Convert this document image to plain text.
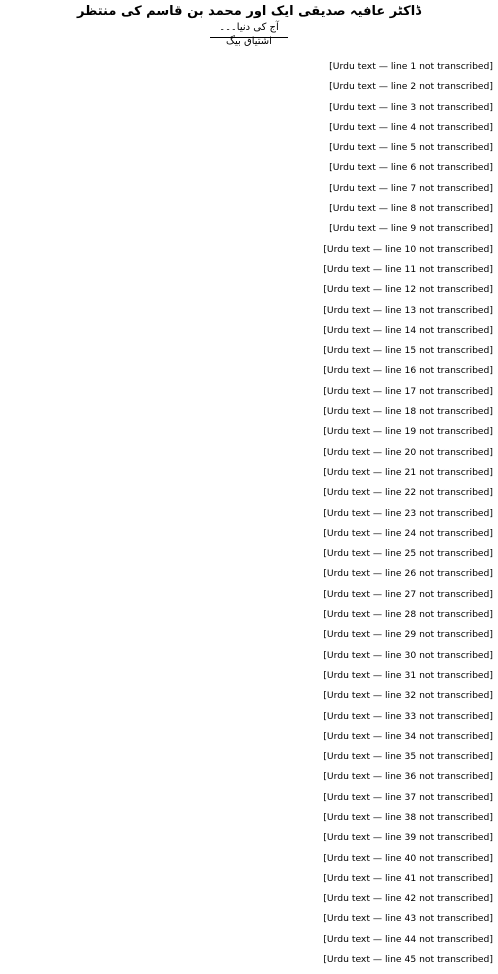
ڈاکٹر عافیہ صدیقی ایک اور محمد بن قاسم کی منتظر
آج کی دنیا۔۔۔
اشتیاق بیگ
[Urdu text — line 1 not transcribed]
[Urdu text — line 2 not transcribed]
[Urdu text — line 3 not transcribed]
[Urdu text — line 4 not transcribed]
[Urdu text — line 5 not transcribed]
[Urdu text — line 6 not transcribed]
[Urdu text — line 7 not transcribed]
[Urdu text — line 8 not transcribed]
[Urdu text — line 9 not transcribed]
[Urdu text — line 10 not transcribed]
[Urdu text — line 11 not transcribed]
[Urdu text — line 12 not transcribed]
[Urdu text — line 13 not transcribed]
[Urdu text — line 14 not transcribed]
[Urdu text — line 15 not transcribed]
[Urdu text — line 16 not transcribed]
[Urdu text — line 17 not transcribed]
[Urdu text — line 18 not transcribed]
[Urdu text — line 19 not transcribed]
[Urdu text — line 20 not transcribed]
[Urdu text — line 21 not transcribed]
[Urdu text — line 22 not transcribed]
[Urdu text — line 23 not transcribed]
[Urdu text — line 24 not transcribed]
[Urdu text — line 25 not transcribed]
[Urdu text — line 26 not transcribed]
[Urdu text — line 27 not transcribed]
[Urdu text — line 28 not transcribed]
[Urdu text — line 29 not transcribed]
[Urdu text — line 30 not transcribed]
[Urdu text — line 31 not transcribed]
[Urdu text — line 32 not transcribed]
[Urdu text — line 33 not transcribed]
[Urdu text — line 34 not transcribed]
[Urdu text — line 35 not transcribed]
[Urdu text — line 36 not transcribed]
[Urdu text — line 37 not transcribed]
[Urdu text — line 38 not transcribed]
[Urdu text — line 39 not transcribed]
[Urdu text — line 40 not transcribed]
[Urdu text — line 41 not transcribed]
[Urdu text — line 42 not transcribed]
[Urdu text — line 43 not transcribed]
[Urdu text — line 44 not transcribed]
[Urdu text — line 45 not transcribed]
